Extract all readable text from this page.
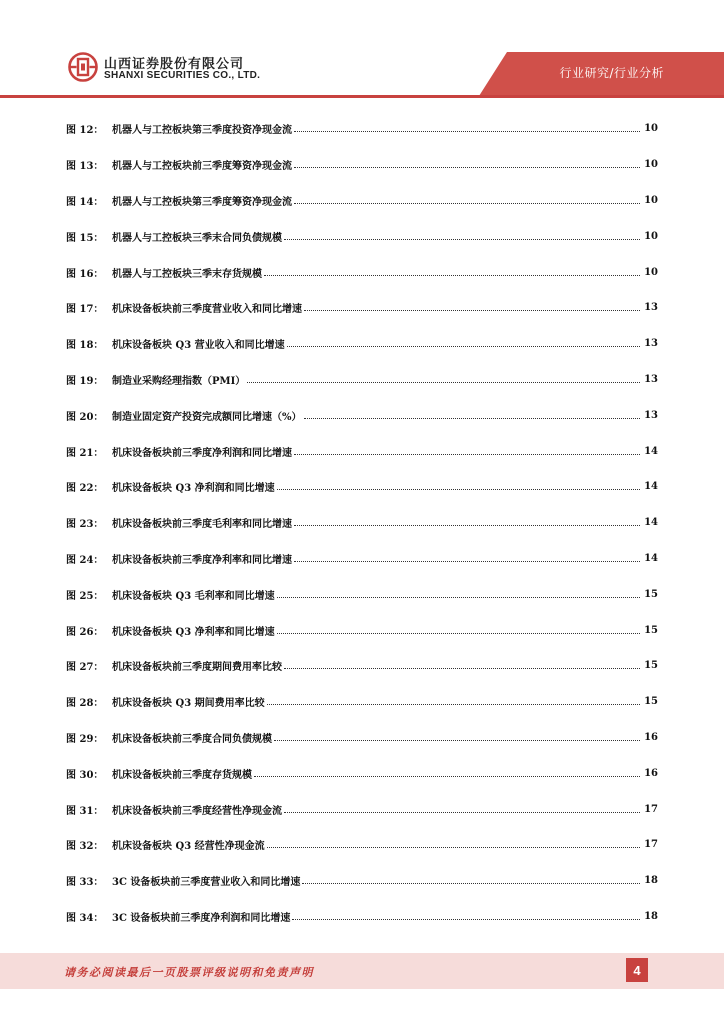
山西证券股份有限公司
SHANXI SECURITIES CO., LTD.	行业研究/行业分析
图 12： 机器人与工控板块第三季度投资净现金流	10
图 13： 机器人与工控板块前三季度筹资净现金流	10
图 14： 机器人与工控板块第三季度筹资净现金流	10
图 15： 机器人与工控板块三季末合同负债规模	10
图 16： 机器人与工控板块三季末存货规模	10
图 17： 机床设备板块前三季度营业收入和同比增速	13
图 18： 机床设备板块 Q3 营业收入和同比增速	13
图 19： 制造业采购经理指数（PMI）	13
图 20： 制造业固定资产投资完成额同比增速（%）	13
图 21： 机床设备板块前三季度净利润和同比增速	14
图 22： 机床设备板块 Q3 净利润和同比增速	14
图 23： 机床设备板块前三季度毛利率和同比增速	14
图 24： 机床设备板块前三季度净利率和同比增速	14
图 25： 机床设备板块 Q3 毛利率和同比增速	15
图 26： 机床设备板块 Q3 净利率和同比增速	15
图 27： 机床设备板块前三季度期间费用率比较	15
图 28： 机床设备板块 Q3 期间费用率比较	15
图 29： 机床设备板块前三季度合同负债规模	16
图 30： 机床设备板块前三季度存货规模	16
图 31： 机床设备板块前三季度经营性净现金流	17
图 32： 机床设备板块 Q3 经营性净现金流	17
图 33： 3C 设备板块前三季度营业收入和同比增速	18
图 34： 3C 设备板块前三季度净利润和同比增速	18
请务必阅读最后一页股票评级说明和免责声明	4
